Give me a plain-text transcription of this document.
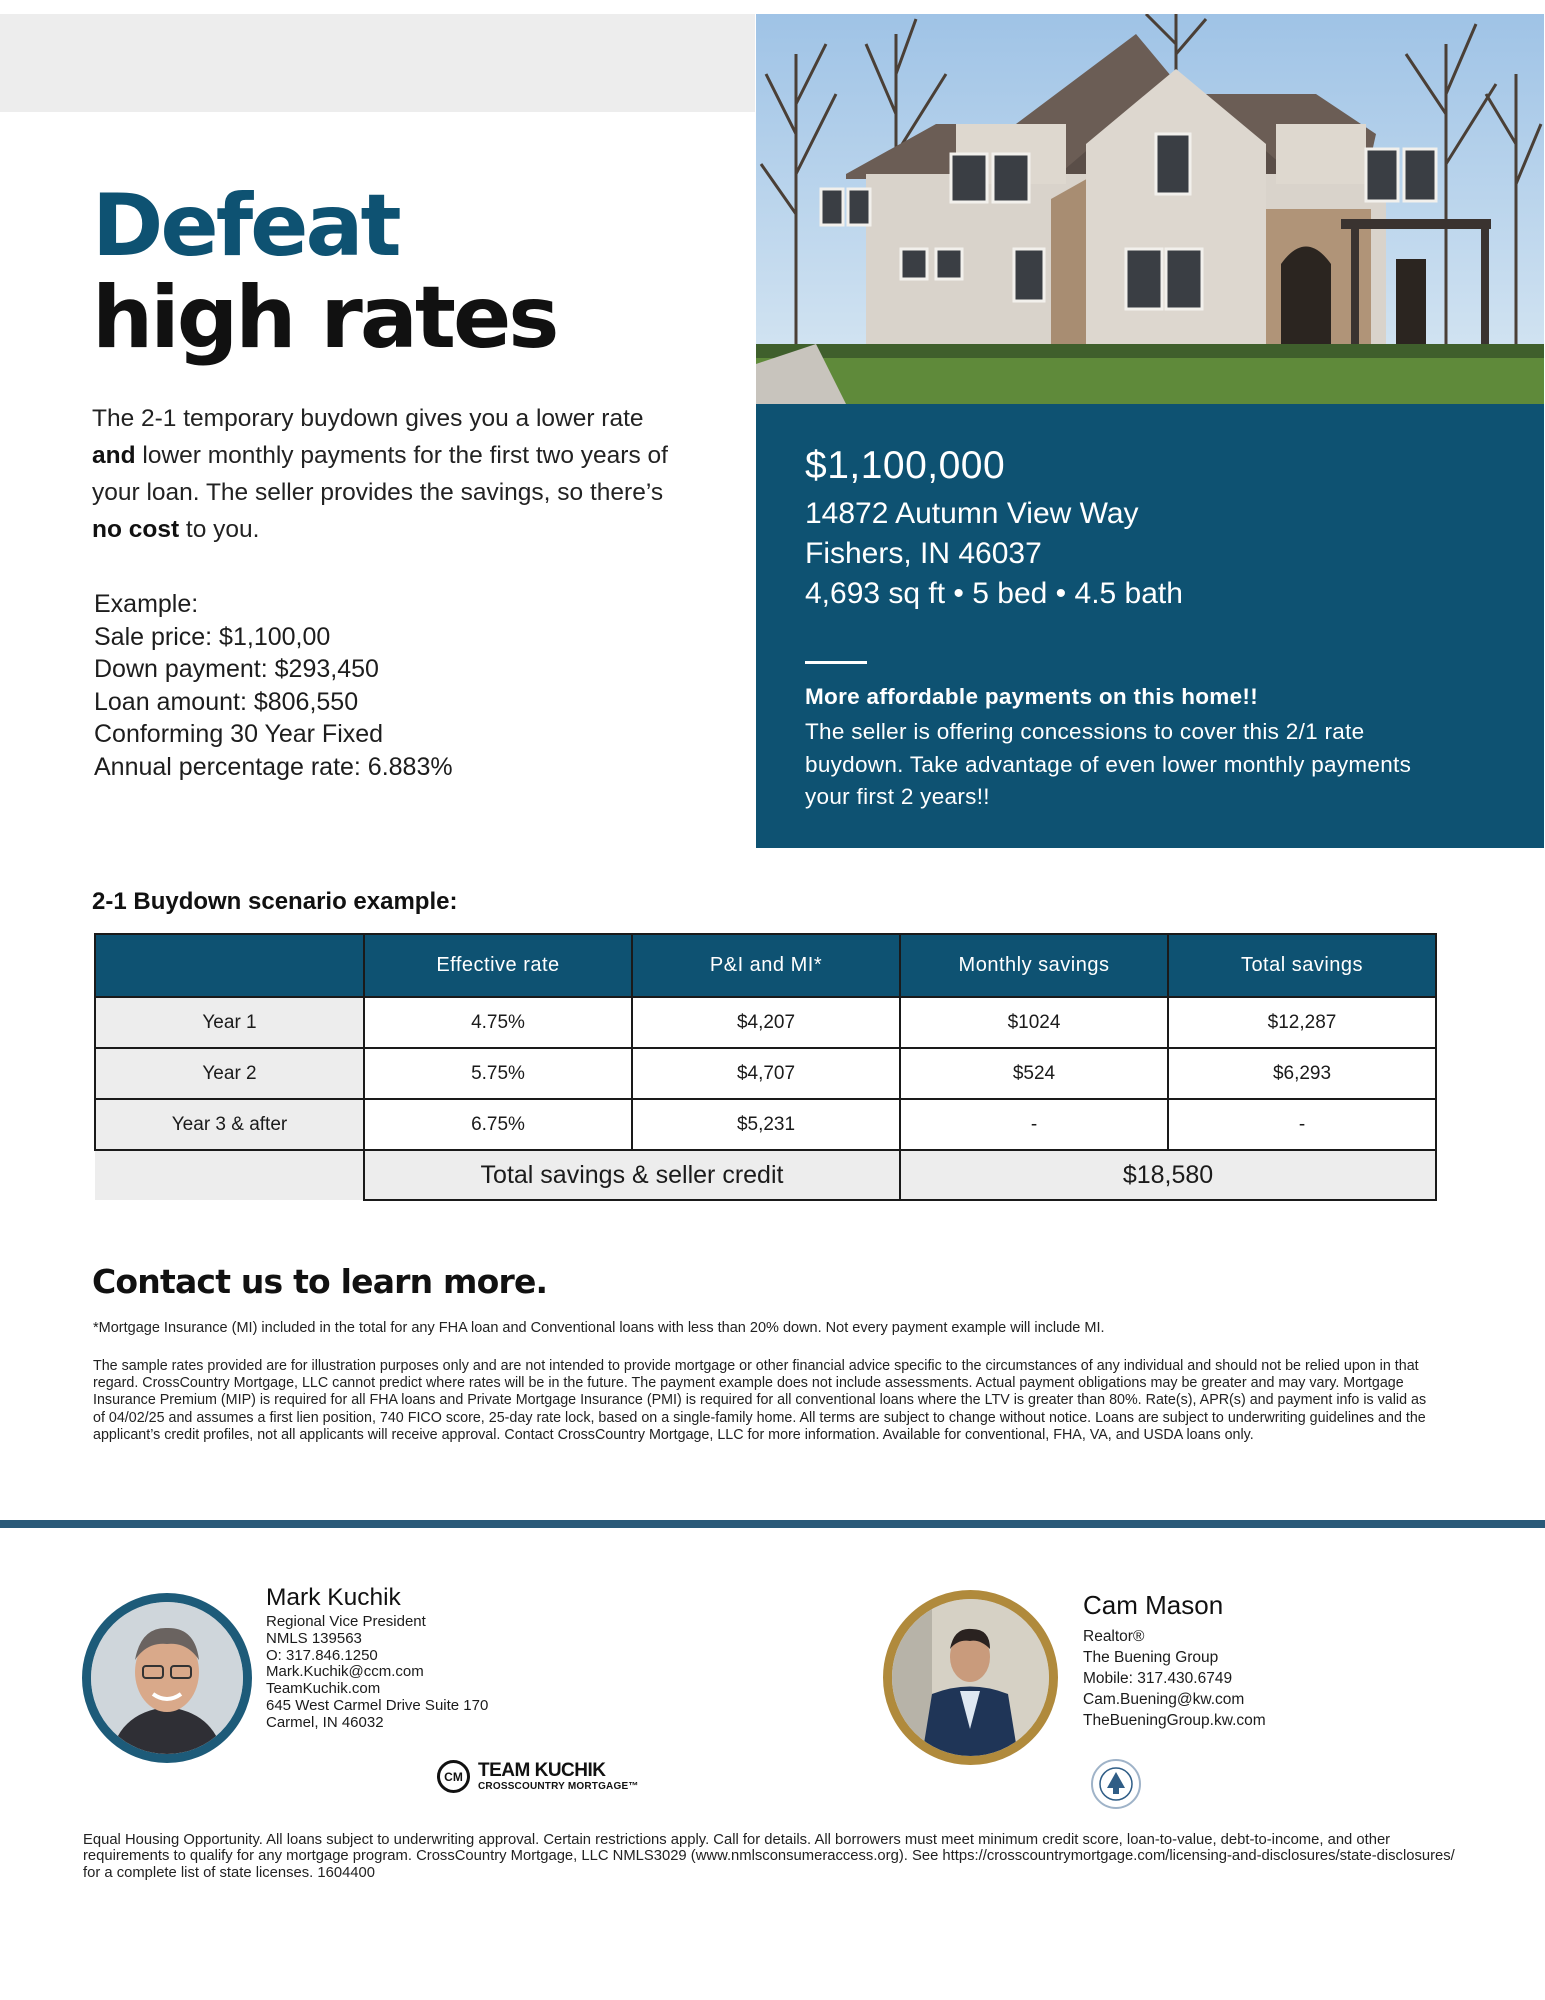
Defeat
high rates

The 2-1 temporary buydown gives you a lower rate and lower monthly payments for the first two years of your loan. The seller provides the savings, so there’s no cost to you.

Example:
Sale price: $1,100,00
Down payment: $293,450
Loan amount: $806,550
Conforming 30 Year Fixed
Annual percentage rate: 6.883%
$1,100,000
14872 Autumn View Way
Fishers, IN 46037
4,693 sq ft • 5 bed • 4.5 bath
More affordable payments on this home!!
The seller is offering concessions to cover this 2/1 rate buydown. Take advantage of even lower monthly payments your first 2 years!!
2-1 Buydown scenario example:
	Effective rate	P&I and MI*	Monthly savings	Total savings
Year 1	4.75%	$4,207	$1024	$12,287
Year 2	5.75%	$4,707	$524	$6,293
Year 3 & after	6.75%	$5,231	-	-
	Total savings & seller credit		$18,580	
Contact us to learn more.
*Mortgage Insurance (MI) included in the total for any FHA loan and Conventional loans with less than 20% down. Not every payment example will include MI.
The sample rates provided are for illustration purposes only and are not intended to provide mortgage or other financial advice specific to the circumstances of any individual and should not be relied upon in that regard. CrossCountry Mortgage, LLC cannot predict where rates will be in the future. The payment example does not include assessments. Actual payment obligations may be greater and may vary. Mortgage Insurance Premium (MIP) is required for all FHA loans and Private Mortgage Insurance (PMI) is required for all conventional loans where the LTV is greater than 80%. Rate(s), APR(s) and payment info is valid as of 04/02/25 and assumes a first lien position, 740 FICO score, 25-day rate lock, based on a single-family home. All terms are subject to change without notice. Loans are subject to underwriting guidelines and the applicant’s credit profiles, not all applicants will receive approval. Contact CrossCountry Mortgage, LLC for more information. Available for conventional, FHA, VA, and USDA loans only.
Mark Kuchik
Regional Vice President
NMLS 139563
O: 317.846.1250
Mark.Kuchik@ccm.com
TeamKuchik.com
645 West Carmel Drive Suite 170
Carmel, IN 46032
CM TEAM KUCHIK
CROSSCOUNTRY MORTGAGE™
Cam Mason
Realtor®
The Buening Group
Mobile: 317.430.6749
Cam.Buening@kw.com
TheBueningGroup.kw.com
Equal Housing Opportunity. All loans subject to underwriting approval. Certain restrictions apply. Call for details. All borrowers must meet minimum credit score, loan-to-value, debt-to-income, and other requirements to qualify for any mortgage program. CrossCountry Mortgage, LLC NMLS3029 (www.nmlsconsumeraccess.org). See https://crosscountrymortgage.com/licensing-and-disclosures/state-disclosures/ for a complete list of state licenses. 1604400
